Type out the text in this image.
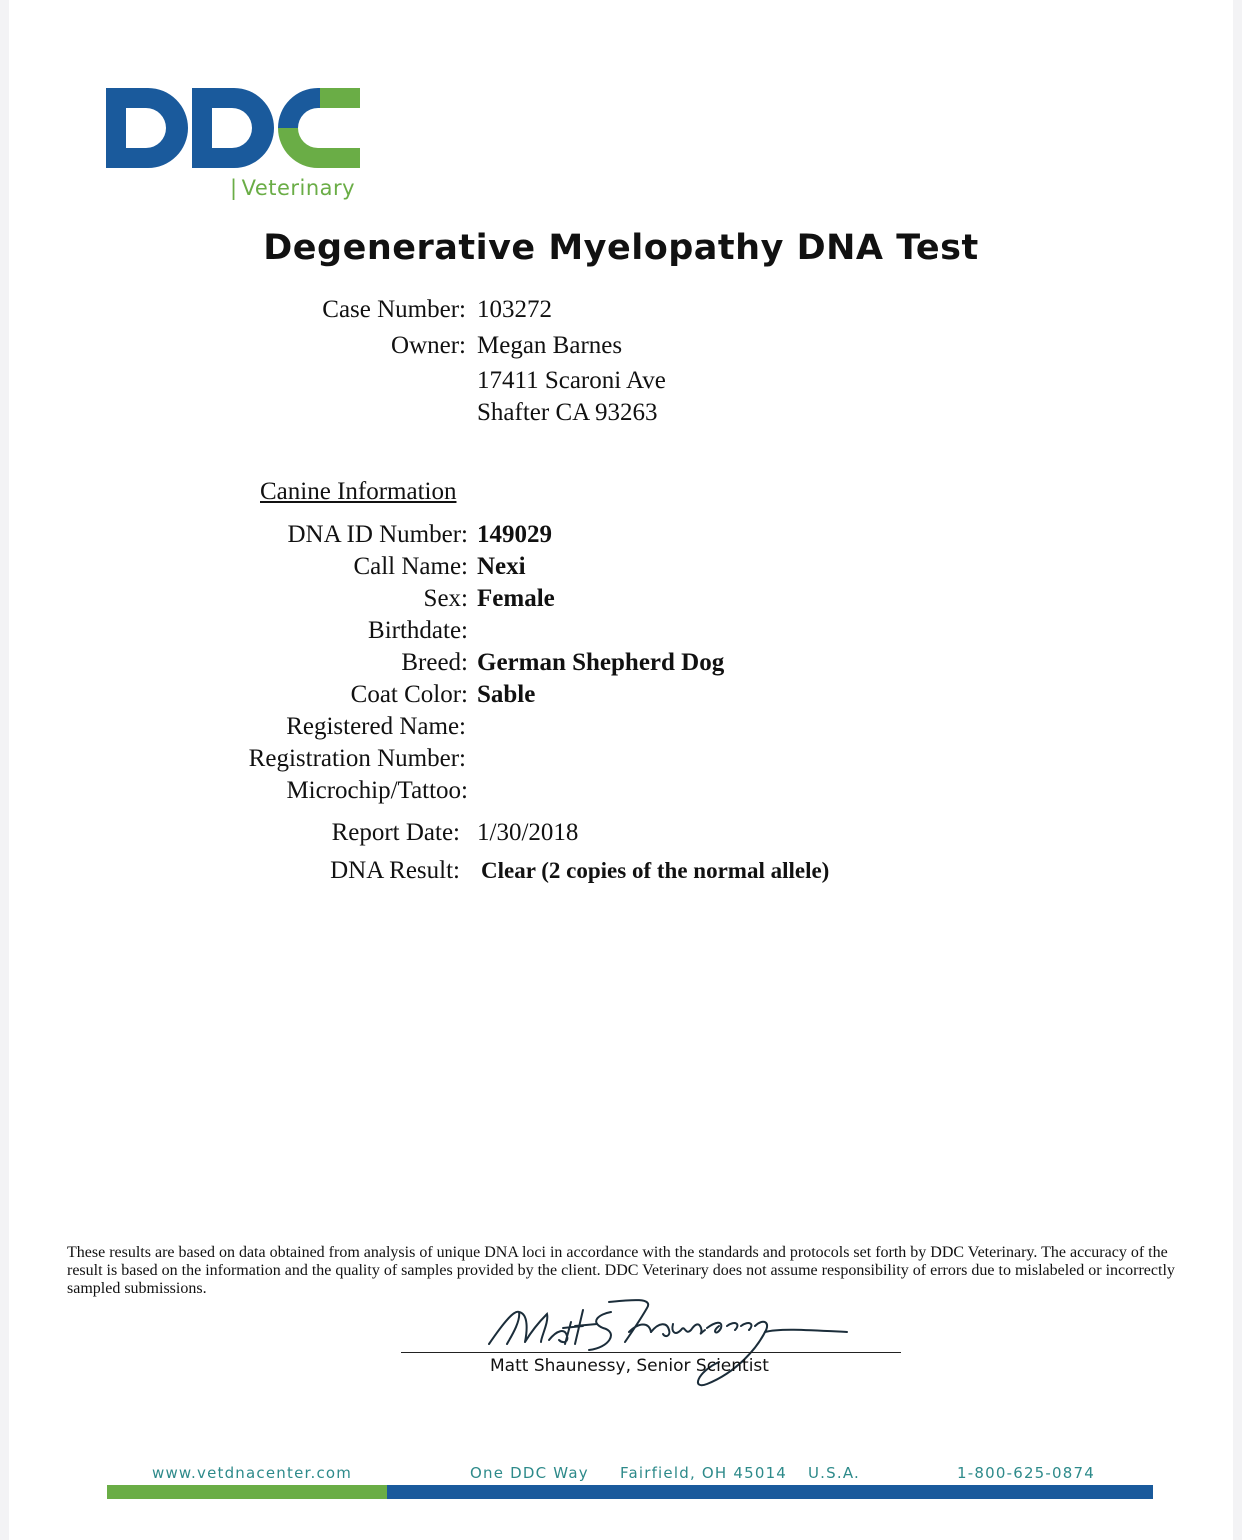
| Veterinary
Degenerative Myelopathy DNA Test
Case Number: 103272
Owner: Megan Barnes
17411 Scaroni Ave
Shafter CA 93263
Canine Information
DNA ID Number: 149029
Call Name: Nexi
Sex: Female
Birthdate:
Breed: German Shepherd Dog
Coat Color: Sable
Registered Name:
Registration Number:
Microchip/Tattoo:
Report Date: 1/30/2018
DNA Result: Clear (2 copies of the normal allele)
These results are based on data obtained from analysis of unique DNA loci in accordance with the standards and protocols set forth by DDC Veterinary. The accuracy of the result is based on the information and the quality of samples provided by the client. DDC Veterinary does not assume responsibility of errors due to mislabeled or incorrectly sampled submissions.
Matt Shaunessy, Senior Scientist
www.vetdnacenter.com	One DDC Way Fairfield, OH 45014 U.S.A.	1-800-625-0874
